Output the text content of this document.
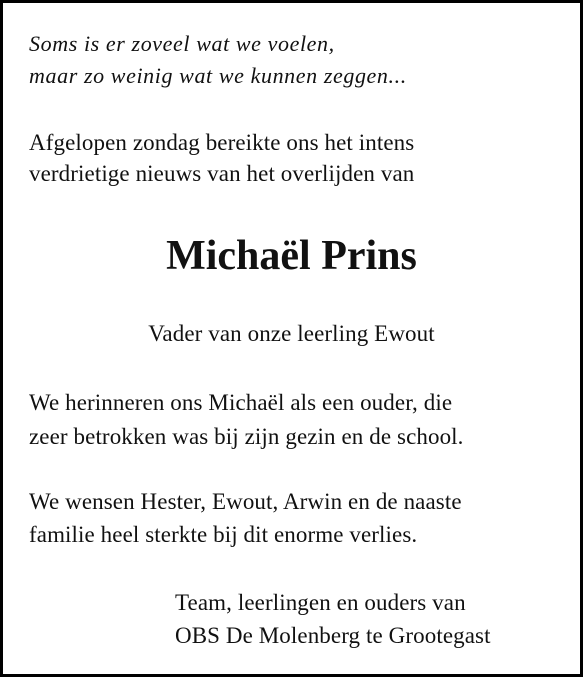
Soms is er zoveel wat we voelen,

maar zo weinig wat we kunnen zeggen...

Afgelopen zondag bereikte ons het intens

verdrietige nieuws van het overlijden van

Michaël Prins

Vader van onze leerling Ewout

We herinneren ons Michaël als een ouder, die

zeer betrokken was bij zijn gezin en de school.

We wensen Hester, Ewout, Arwin en de naaste

familie heel sterkte bij dit enorme verlies.

Team, leerlingen en ouders van

OBS De Molenberg te Grootegast
